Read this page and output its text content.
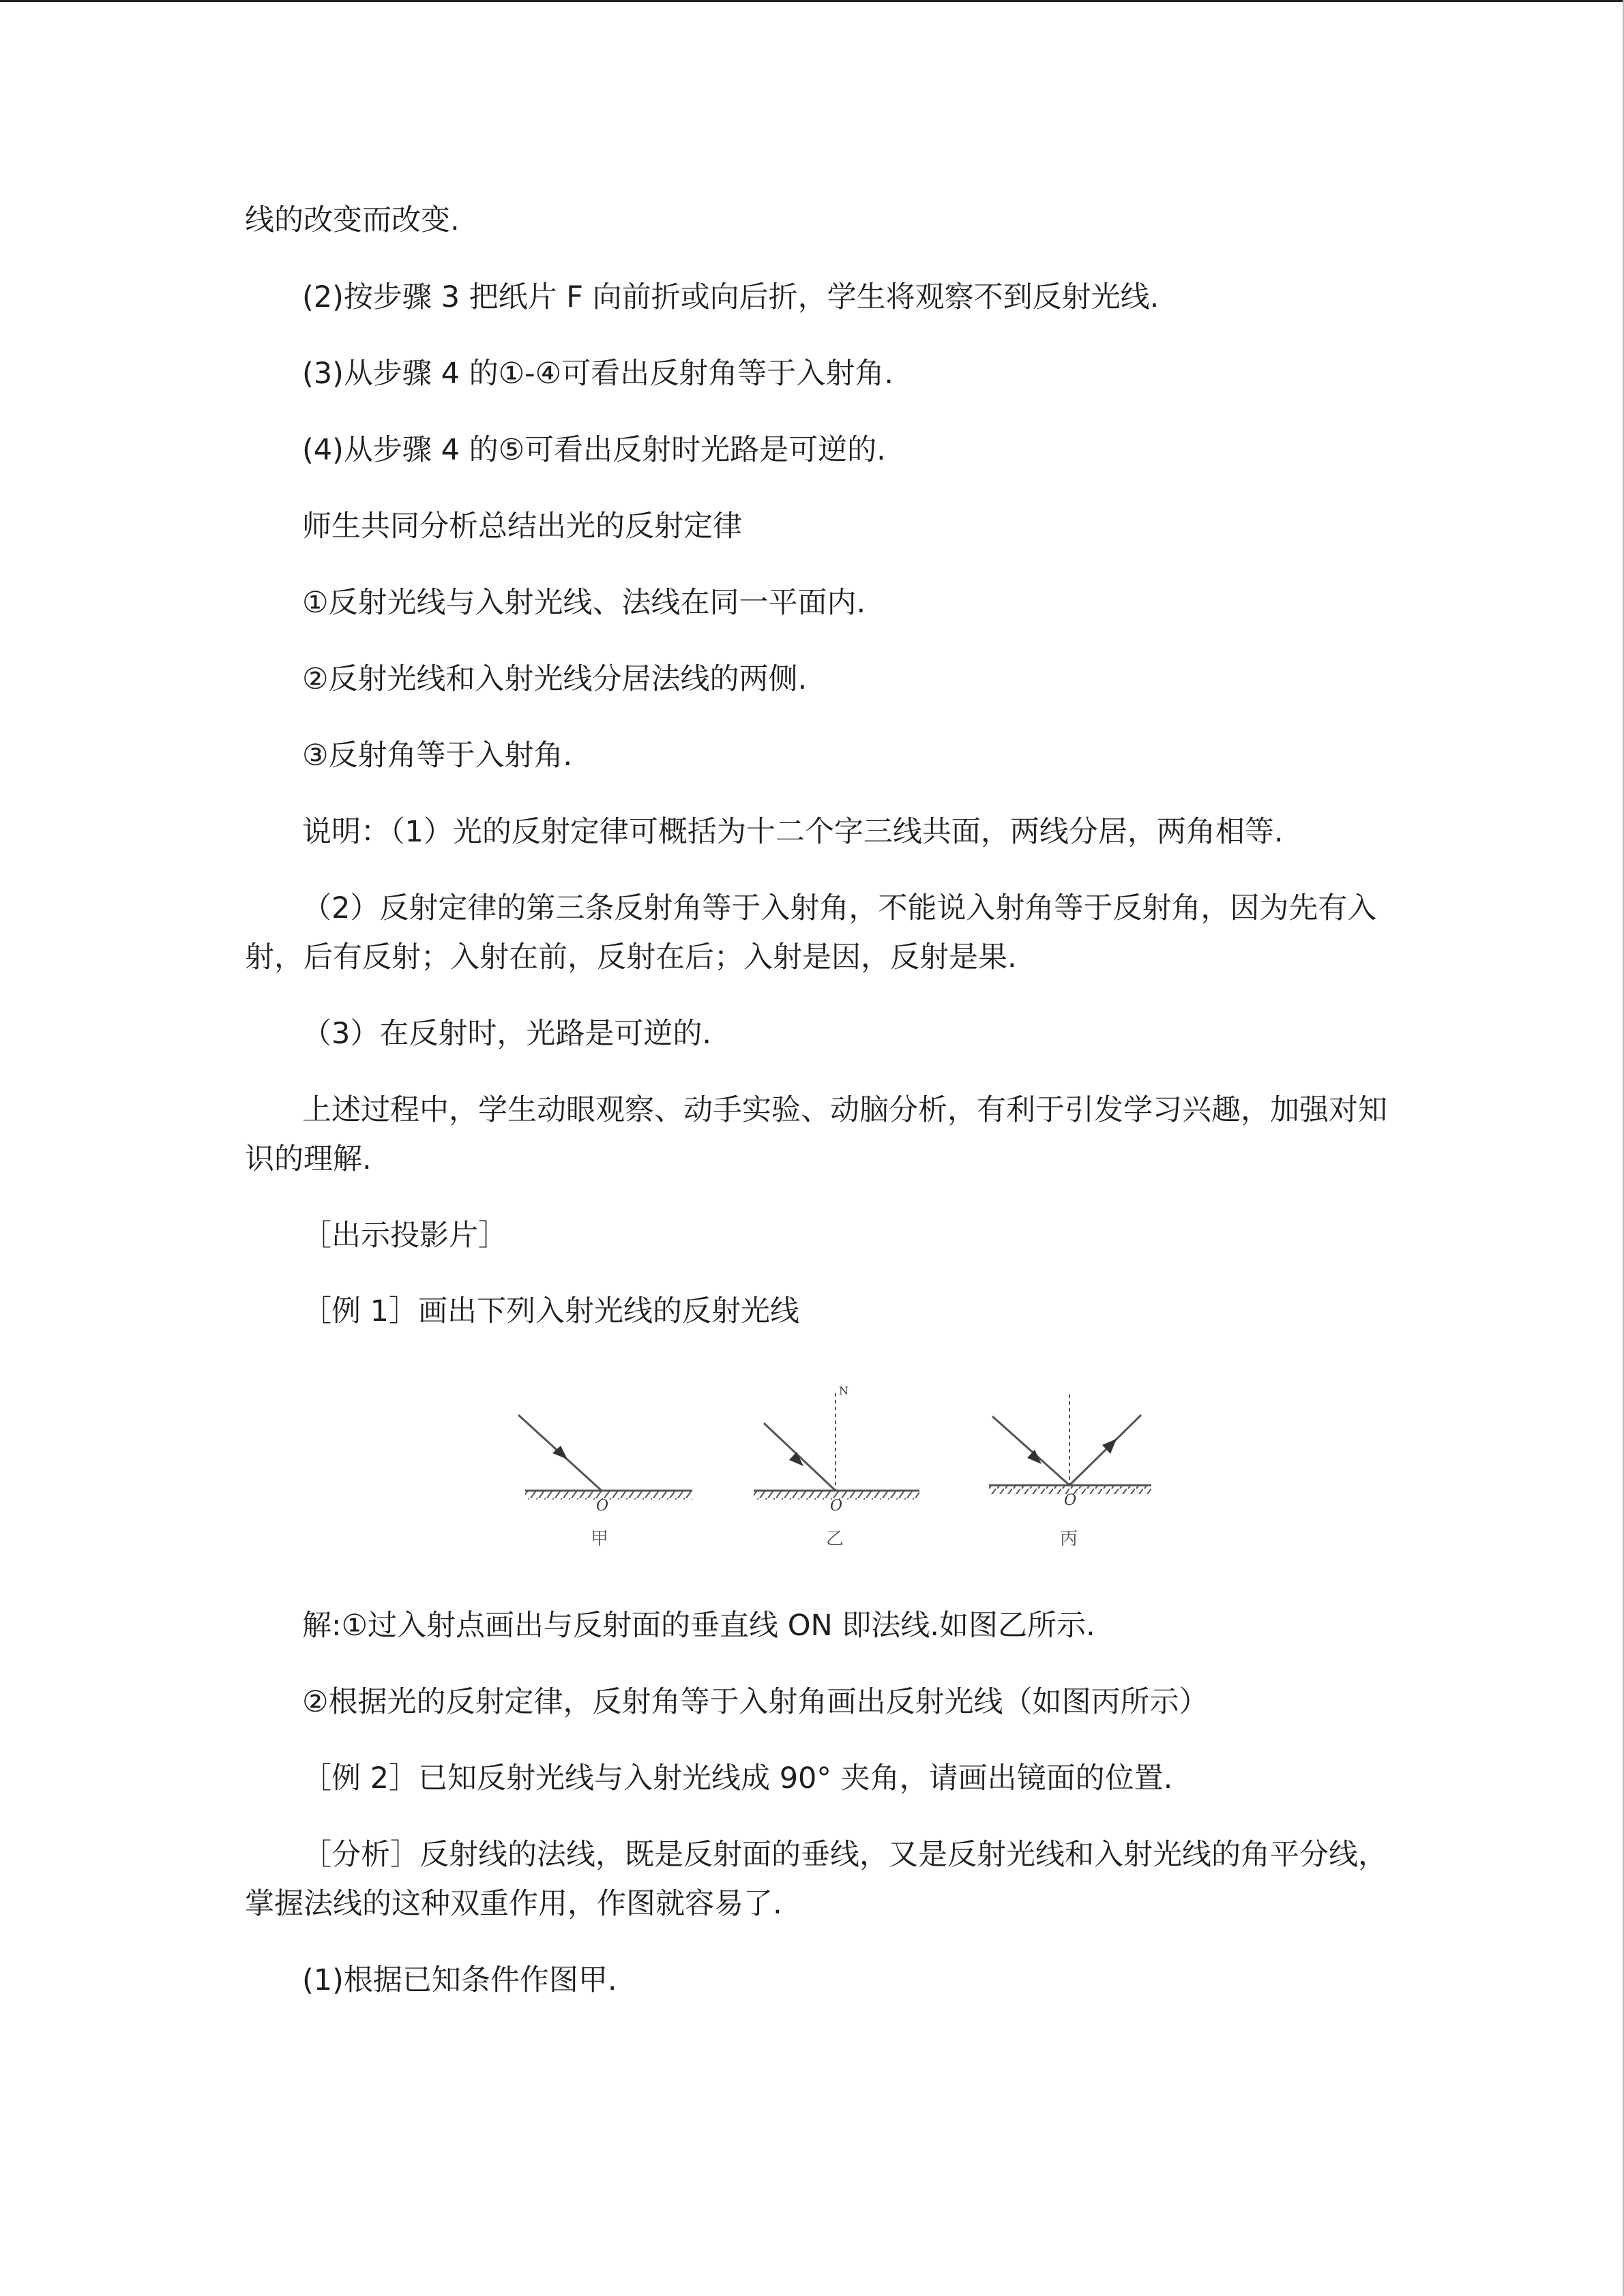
线的改变而改变.
(2)按步骤 3 把纸片 F 向前折或向后折，学生将观察不到反射光线.
(3)从步骤 4 的①-④可看出反射角等于入射角.
(4)从步骤 4 的⑤可看出反射时光路是可逆的.
师生共同分析总结出光的反射定律
①反射光线与入射光线、法线在同一平面内.
②反射光线和入射光线分居法线的两侧.
③反射角等于入射角.
说明：（1）光的反射定律可概括为十二个字三线共面，两线分居，两角相等.
（2）反射定律的第三条反射角等于入射角，不能说入射角等于反射角，因为先有入
射，后有反射；入射在前，反射在后；入射是因，反射是果.
（3）在反射时，光路是可逆的.
上述过程中，学生动眼观察、动手实验、动脑分析，有利于引发学习兴趣，加强对知
识的理解.
［出示投影片］
［例 1］画出下列入射光线的反射光线
O
甲
N
O
乙
O
丙
解:①过入射点画出与反射面的垂直线 ON 即法线.如图乙所示.
②根据光的反射定律，反射角等于入射角画出反射光线（如图丙所示）
［例 2］已知反射光线与入射光线成 90° 夹角，请画出镜面的位置.
［分析］反射线的法线，既是反射面的垂线，又是反射光线和入射光线的角平分线，
掌握法线的这种双重作用，作图就容易了.
(1)根据已知条件作图甲.
